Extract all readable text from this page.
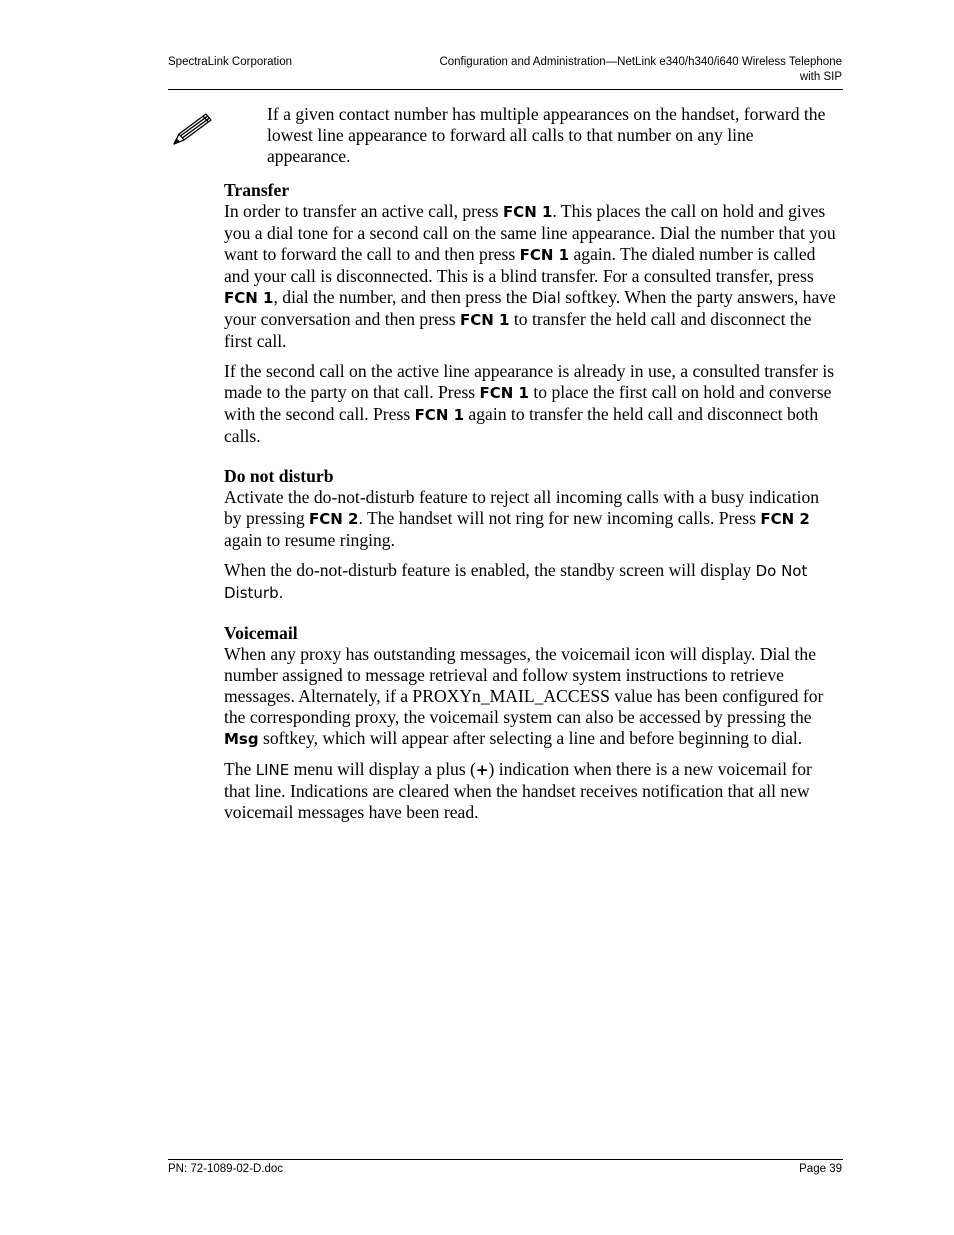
SpectraLink Corporation	Configuration and Administration—NetLink e340/h340/i640 Wireless Telephone
with SIP

If a given contact number has multiple appearances on the handset, forward the lowest line appearance to forward all calls to that number on any line appearance.

Transfer

In order to transfer an active call, press FCN 1. This places the call on hold and gives you a dial tone for a second call on the same line appearance. Dial the number that you want to forward the call to and then press FCN 1 again. The dialed number is called and your call is disconnected. This is a blind transfer. For a consulted transfer, press FCN 1, dial the number, and then press the Dial softkey. When the party answers, have your conversation and then press FCN 1 to transfer the held call and disconnect the first call.

If the second call on the active line appearance is already in use, a consulted transfer is made to the party on that call. Press FCN 1 to place the first call on hold and converse with the second call. Press FCN 1 again to transfer the held call and disconnect both calls.

Do not disturb

Activate the do-not-disturb feature to reject all incoming calls with a busy indication by pressing FCN 2. The handset will not ring for new incoming calls. Press FCN 2 again to resume ringing.

When the do-not-disturb feature is enabled, the standby screen will display Do Not Disturb.

Voicemail

When any proxy has outstanding messages, the voicemail icon will display. Dial the number assigned to message retrieval and follow system instructions to retrieve messages. Alternately, if a PROXYn_MAIL_ACCESS value has been configured for the corresponding proxy, the voicemail system can also be accessed by pressing the Msg softkey, which will appear after selecting a line and before beginning to dial.

The LINE menu will display a plus (+) indication when there is a new voicemail for that line. Indications are cleared when the handset receives notification that all new voicemail messages have been read.

PN: 72-1089-02-D.doc	Page 39
